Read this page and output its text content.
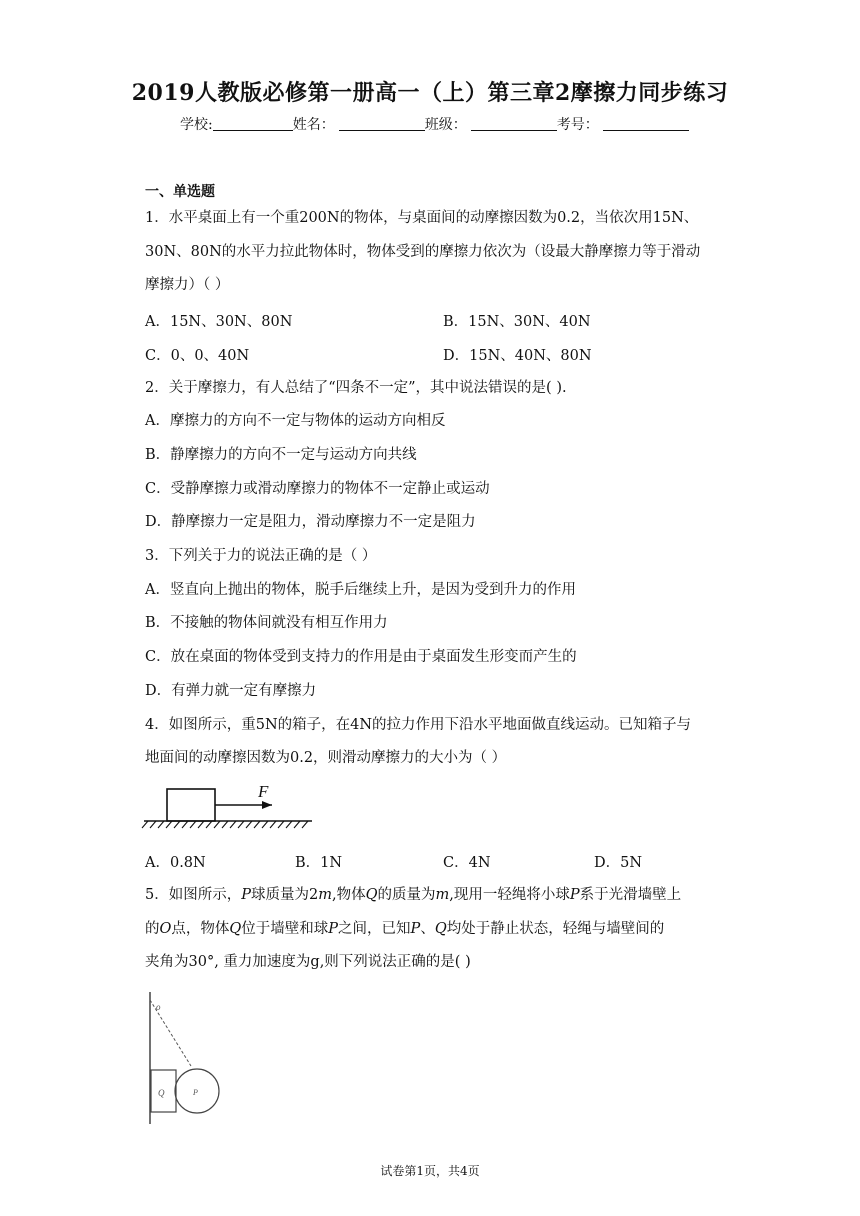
2019人教版必修第一册高一（上）第三章2摩擦力同步练习
学校:	姓名：	班级：	考号：
一、单选题
1．水平桌面上有一个重200N的物体，与桌面间的动摩擦因数为0.2，当依次用15N、
30N、80N的水平力拉此物体时，物体受到的摩擦力依次为（设最大静摩擦力等于滑动
摩擦力）（ ）
A．15N、30N、80N	B．15N、30N、40N
C．0、0、40N	D．15N、40N、80N
2．关于摩擦力，有人总结了“四条不一定”，其中说法错误的是( ).
A．摩擦力的方向不一定与物体的运动方向相反
B．静摩擦力的方向不一定与运动方向共线
C．受静摩擦力或滑动摩擦力的物体不一定静止或运动
D．静摩擦力一定是阻力，滑动摩擦力不一定是阻力
3．下列关于力的说法正确的是（ ）
A．竖直向上抛出的物体，脱手后继续上升，是因为受到升力的作用
B．不接触的物体间就没有相互作用力
C．放在桌面的物体受到支持力的作用是由于桌面发生形变而产生的
D．有弹力就一定有摩擦力
4．如图所示，重5N的箱子，在4N的拉力作用下沿水平地面做直线运动。已知箱子与
地面间的动摩擦因数为0.2，则滑动摩擦力的大小为（ ）
F
A．0.8N	B．1N	C．4N	D．5N
5．如图所示，P球质量为2m,物体Q的质量为m,现用一轻绳将小球P系于光滑墙壁上
的O点，物体Q位于墙壁和球P之间，已知P、Q均处于静止状态，轻绳与墙壁间的
夹角为30°, 重力加速度为g,则下列说法正确的是( )
o
Q	P
试卷第1页，共4页
